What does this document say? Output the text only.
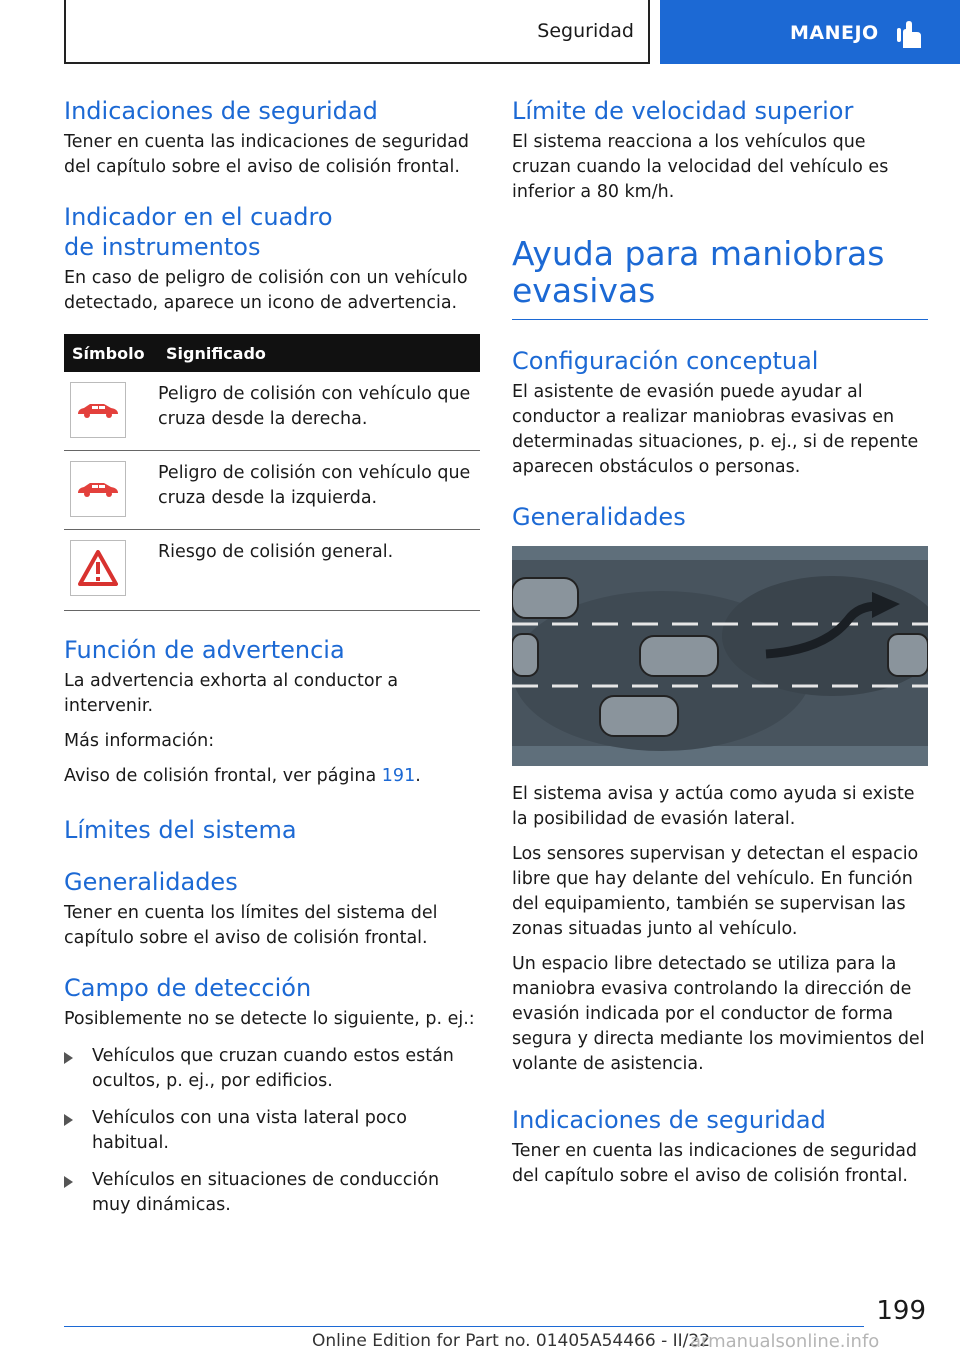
Seguridad	MANEJO
Indicaciones de seguridad

Tener en cuenta las indicaciones de seguridad del capítulo sobre el aviso de colisión frontal.

Indicador en el cuadro de instrumentos

En caso de peligro de colisión con un vehículo detectado, aparece un icono de advertencia.

Símbolo	Significado

	Peligro de colisión con vehículo que cruza desde la derecha.

	Peligro de colisión con vehículo que cruza desde la izquierda.

	Riesgo de colisión general.
Función de advertencia

La advertencia exhorta al conductor a intervenir.

Más información:

Aviso de colisión frontal, ver página 191.

Límites del sistema
Generalidades

Tener en cuenta los límites del sistema del capítulo sobre el aviso de colisión frontal.

Campo de detección

Posiblemente no se detecte lo siguiente, p. ej.:

Vehículos que cruzan cuando estos están ocultos, p. ej., por edificios.
Vehículos con una vista lateral poco habitual.
Vehículos en situaciones de conducción muy dinámicas.
Límite de velocidad superior

El sistema reacciona a los vehículos que cruzan cuando la velocidad del vehículo es inferior a 80 km/h.

Ayuda para maniobras evasivas
Configuración conceptual

El asistente de evasión puede ayudar al conductor a realizar maniobras evasivas en determinadas situaciones, p. ej., si de repente aparecen obstáculos o personas.

Generalidades

El sistema avisa y actúa como ayuda si existe la posibilidad de evasión lateral.

Los sensores supervisan y detectan el espacio libre que hay delante del vehículo. En función del equipamiento, también se supervisan las zonas situadas junto al vehículo.

Un espacio libre detectado se utiliza para la maniobra evasiva controlando la dirección de evasión indicada por el conductor de forma segura y directa mediante los movimientos del volante de asistencia.

Indicaciones de seguridad

Tener en cuenta las indicaciones de seguridad del capítulo sobre el aviso de colisión frontal.

199
Online Edition for Part no. 01405A54466 - II/22
armanualsonline.info
